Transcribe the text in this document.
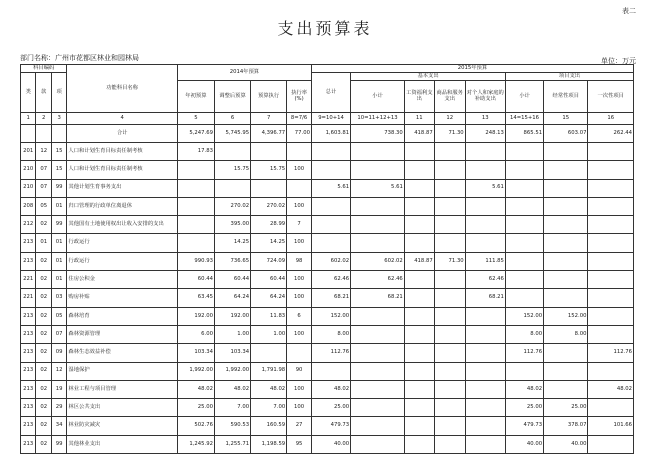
表二
支出预算表
部门名称：广州市花都区林业和园林局	单位：万元
科目编码			功能科目名称	2014年预算				2015年预算							
类	款	项						总计	基本支出				项目支出		
				年初预算	调整后预算	预算执行	执行率(%)		小计	工资福利支出	商品和服务支出	对个人和家庭的补助支出	小计	经常性项目	一次性项目
1	2	3	4	5	6	7	8=7/6	9=10+14	10=11+12+13	11	12	13	14=15+16	15	16
			合计	5,247.69	5,745.95	4,396.77	77.00	1,603.81	738.30	418.87	71.30	248.13	865.51	603.07	262.44
201	12	15	人口和计划生育目标责任制考核	17.83											
210	07	15	人口和计划生育目标责任制考核		15.75	15.75	100								
210	07	99	其他计划生育事务支出					5.61	5.61			5.61			
208	05	01	归口管理的行政单位离退休		270.02	270.02	100								
212	02	99	其他国有土地使用权出让收入安排的支出		395.00	28.99	7								
213	01	01	行政运行		14.25	14.25	100								
213	02	01	行政运行	990.93	736.65	724.09	98	602.02	602.02	418.87	71.30	111.85			
221	02	01	住房公积金	60.44	60.44	60.44	100	62.46	62.46			62.46			
221	02	03	购房补贴	63.45	64.24	64.24	100	68.21	68.21			68.21			
213	02	05	森林培育	192.00	192.00	11.83	6	152.00					152.00	152.00	
213	02	07	森林资源管理	6.00	1.00	1.00	100	8.00					8.00	8.00	
213	02	09	森林生态效益补偿	103.34	103.34			112.76					112.76		112.76
213	02	12	湿地保护	1,992.00	1,992.00	1,791.98	90								
213	02	19	林业工程与项目管理	48.02	48.02	48.02	100	48.02					48.02		48.02
213	02	29	林区公共支出	25.00	7.00	7.00	100	25.00					25.00	25.00	
213	02	34	林业防灾减灾	502.76	590.53	160.59	27	479.73					479.73	378.07	101.66
213	02	99	其他林业支出	1,245.92	1,255.71	1,198.59	95	40.00					40.00	40.00	
